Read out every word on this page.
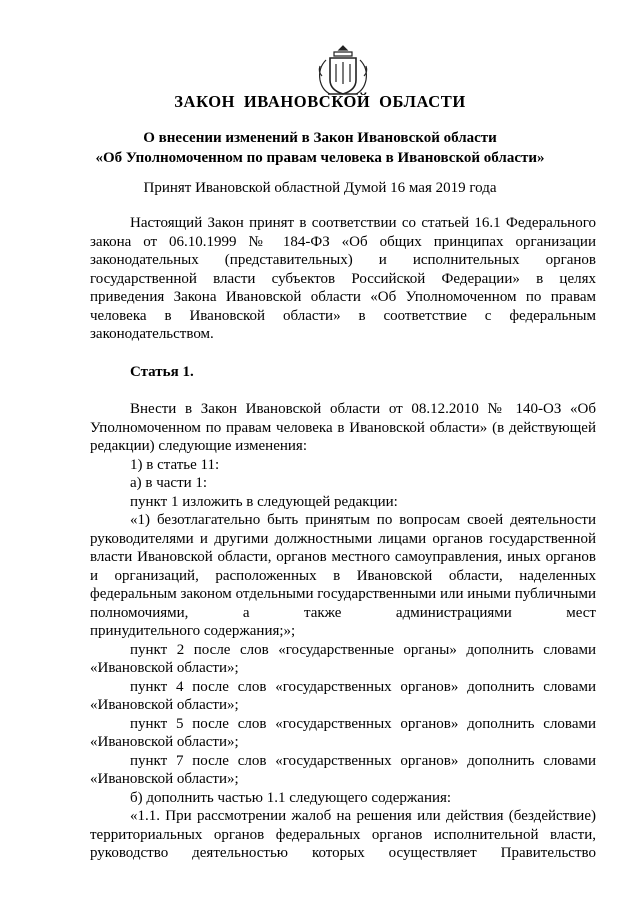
ЗАКОН ИВАНОВСКОЙ ОБЛАСТИ
О внесении изменений в Закон Ивановской области
«Об Уполномоченном по правам человека в Ивановской области»
Принят Ивановской областной Думой 16 мая 2019 года

Настоящий Закон принят в соответствии со статьей 16.1 Федерального закона от 06.10.1999 № 184-ФЗ «Об общих принципах организации законодательных (представительных) и исполнительных органов государственной власти субъектов Российской Федерации» в целях приведения Закона Ивановской области «Об Уполномоченном по правам человека в Ивановской области» в соответствие с федеральным законодательством.

Статья 1.

Внести в Закон Ивановской области от 08.12.2010 № 140-ОЗ «Об Уполномоченном по правам человека в Ивановской области» (в действующей редакции) следующие изменения:

1) в статье 11:

а) в части 1:

пункт 1 изложить в следующей редакции:

«1) безотлагательно быть принятым по вопросам своей деятельности руководителями и другими должностными лицами органов государственной власти Ивановской области, органов местного самоуправления, иных органов и организаций, расположенных в Ивановской области, наделенных федеральным законом отдельными государственными или иными публичными полномочиями, а также администрациями мест

принудительного содержания;»;

пункт 2 после слов «государственные органы» дополнить словами

«Ивановской области»;

пункт 4 после слов «государственных органов» дополнить словами

«Ивановской области»;

пункт 5 после слов «государственных органов» дополнить словами

«Ивановской области»;

пункт 7 после слов «государственных органов» дополнить словами

«Ивановской области»;

б) дополнить частью 1.1 следующего содержания:

«1.1. При рассмотрении жалоб на решения или действия (бездействие) территориальных органов федеральных органов исполнительной власти, руководство деятельностью которых осуществляет Правительство
